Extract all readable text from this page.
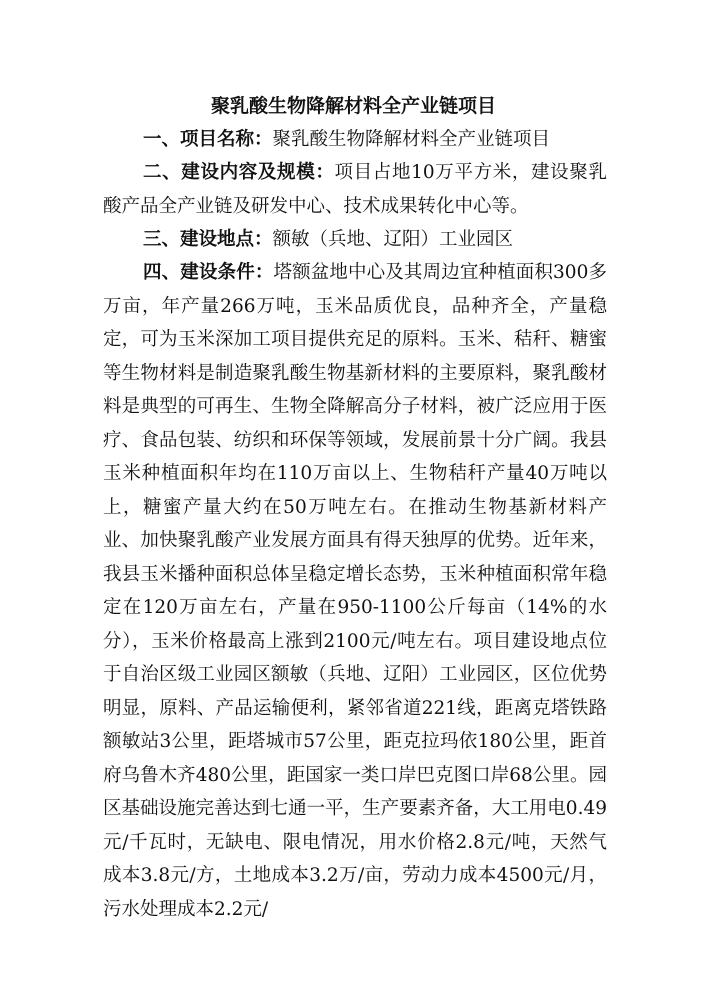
聚乳酸生物降解材料全产业链项目

一、项目名称：聚乳酸生物降解材料全产业链项目

二、建设内容及规模：项目占地10万平方米，建设聚乳酸产品全产业链及研发中心、技术成果转化中心等。

三、建设地点：额敏（兵地、辽阳）工业园区

四、建设条件：塔额盆地中心及其周边宜种植面积300多万亩，年产量266万吨，玉米品质优良，品种齐全，产量稳定，可为玉米深加工项目提供充足的原料。玉米、秸秆、糖蜜等生物材料是制造聚乳酸生物基新材料的主要原料，聚乳酸材料是典型的可再生、生物全降解高分子材料，被广泛应用于医疗、食品包装、纺织和环保等领域，发展前景十分广阔。我县玉米种植面积年均在110万亩以上、生物秸秆产量40万吨以上，糖蜜产量大约在50万吨左右。在推动生物基新材料产业、加快聚乳酸产业发展方面具有得天独厚的优势。近年来，我县玉米播种面积总体呈稳定增长态势，玉米种植面积常年稳定在120万亩左右，产量在950-1100公斤每亩（14%的水分），玉米价格最高上涨到2100元/吨左右。项目建设地点位于自治区级工业园区额敏（兵地、辽阳）工业园区，区位优势明显，原料、产品运输便利，紧邻省道221线，距离克塔铁路额敏站3公里，距塔城市57公里，距克拉玛依180公里，距首府乌鲁木齐480公里，距国家一类口岸巴克图口岸68公里。园区基础设施完善达到七通一平，生产要素齐备，大工用电0.49元/千瓦时，无缺电、限电情况，用水价格2.8元/吨，天然气成本3.8元/方，土地成本3.2万/亩，劳动力成本4500元/月，污水处理成本2.2元/
